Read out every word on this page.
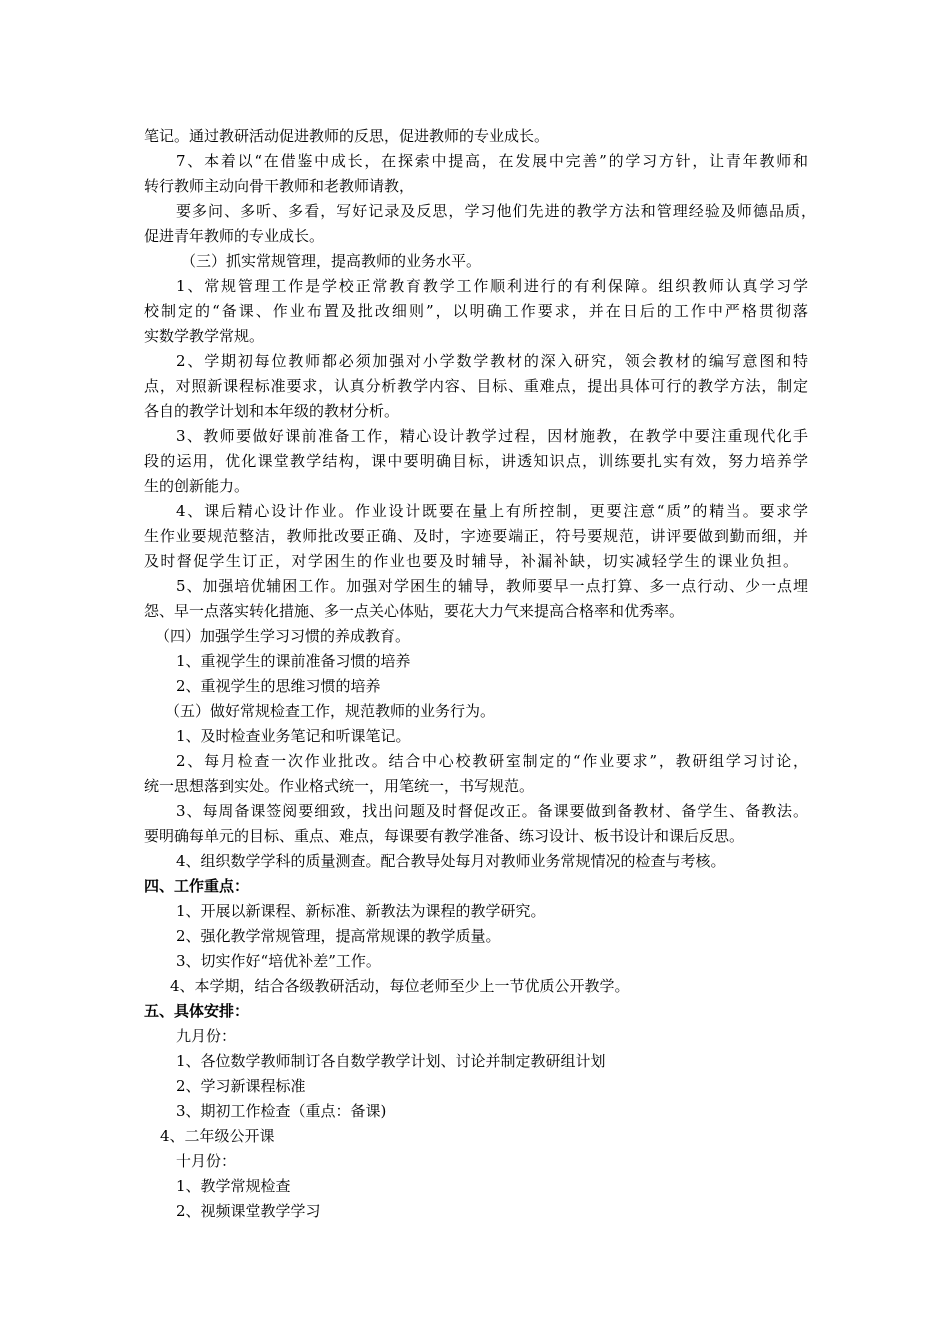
笔记。通过教研活动促进教师的反思，促进教师的专业成长。
7、本着以“在借鉴中成长，在探索中提高，在发展中完善”的学习方针，让青年教师和
转行教师主动向骨干教师和老教师请教，
要多问、多听、多看，写好记录及反思，学习他们先进的教学方法和管理经验及师德品质，
促进青年教师的专业成长。
（三）抓实常规管理，提高教师的业务水平。
1、常规管理工作是学校正常教育教学工作顺利进行的有利保障。组织教师认真学习学
校制定的“备课、作业布置及批改细则”，以明确工作要求，并在日后的工作中严格贯彻落
实数学教学常规。
2、学期初每位教师都必须加强对小学数学教材的深入研究，领会教材的编写意图和特
点，对照新课程标准要求，认真分析教学内容、目标、重难点，提出具体可行的教学方法，制定
各自的教学计划和本年级的教材分析。
3、教师要做好课前准备工作，精心设计教学过程，因材施教，在教学中要注重现代化手
段的运用，优化课堂教学结构，课中要明确目标，讲透知识点，训练要扎实有效，努力培养学
生的创新能力。
4、课后精心设计作业。作业设计既要在量上有所控制，更要注意“质”的精当。要求学
生作业要规范整洁，教师批改要正确、及时，字迹要端正，符号要规范，讲评要做到勤而细，并
及时督促学生订正，对学困生的作业也要及时辅导，补漏补缺，切实减轻学生的课业负担。
5、加强培优辅困工作。加强对学困生的辅导，教师要早一点打算、多一点行动、少一点埋
怨、早一点落实转化措施、多一点关心体贴，要花大力气来提高合格率和优秀率。
（四）加强学生学习习惯的养成教育。
1、重视学生的课前准备习惯的培养
2、重视学生的思维习惯的培养
（五）做好常规检查工作，规范教师的业务行为。
1、及时检查业务笔记和听课笔记。
2、每月检查一次作业批改。结合中心校教研室制定的“作业要求”，教研组学习讨论，
统一思想落到实处。作业格式统一，用笔统一，书写规范。
3、每周备课签阅要细致，找出问题及时督促改正。备课要做到备教材、备学生、备教法。
要明确每单元的目标、重点、难点，每课要有教学准备、练习设计、板书设计和课后反思。
4、组织数学学科的质量测查。配合教导处每月对教师业务常规情况的检查与考核。
四、工作重点：
1、开展以新课程、新标准、新教法为课程的教学研究。
2、强化教学常规管理，提高常规课的教学质量。
3、切实作好“培优补差”工作。
4、本学期，结合各级教研活动，每位老师至少上一节优质公开教学。
五、具体安排：
九月份：
1、各位数学教师制订各自数学教学计划、讨论并制定教研组计划
2、学习新课程标准
3、期初工作检查（重点：备课)
4、二年级公开课
十月份：
1、教学常规检查
2、视频课堂教学学习
